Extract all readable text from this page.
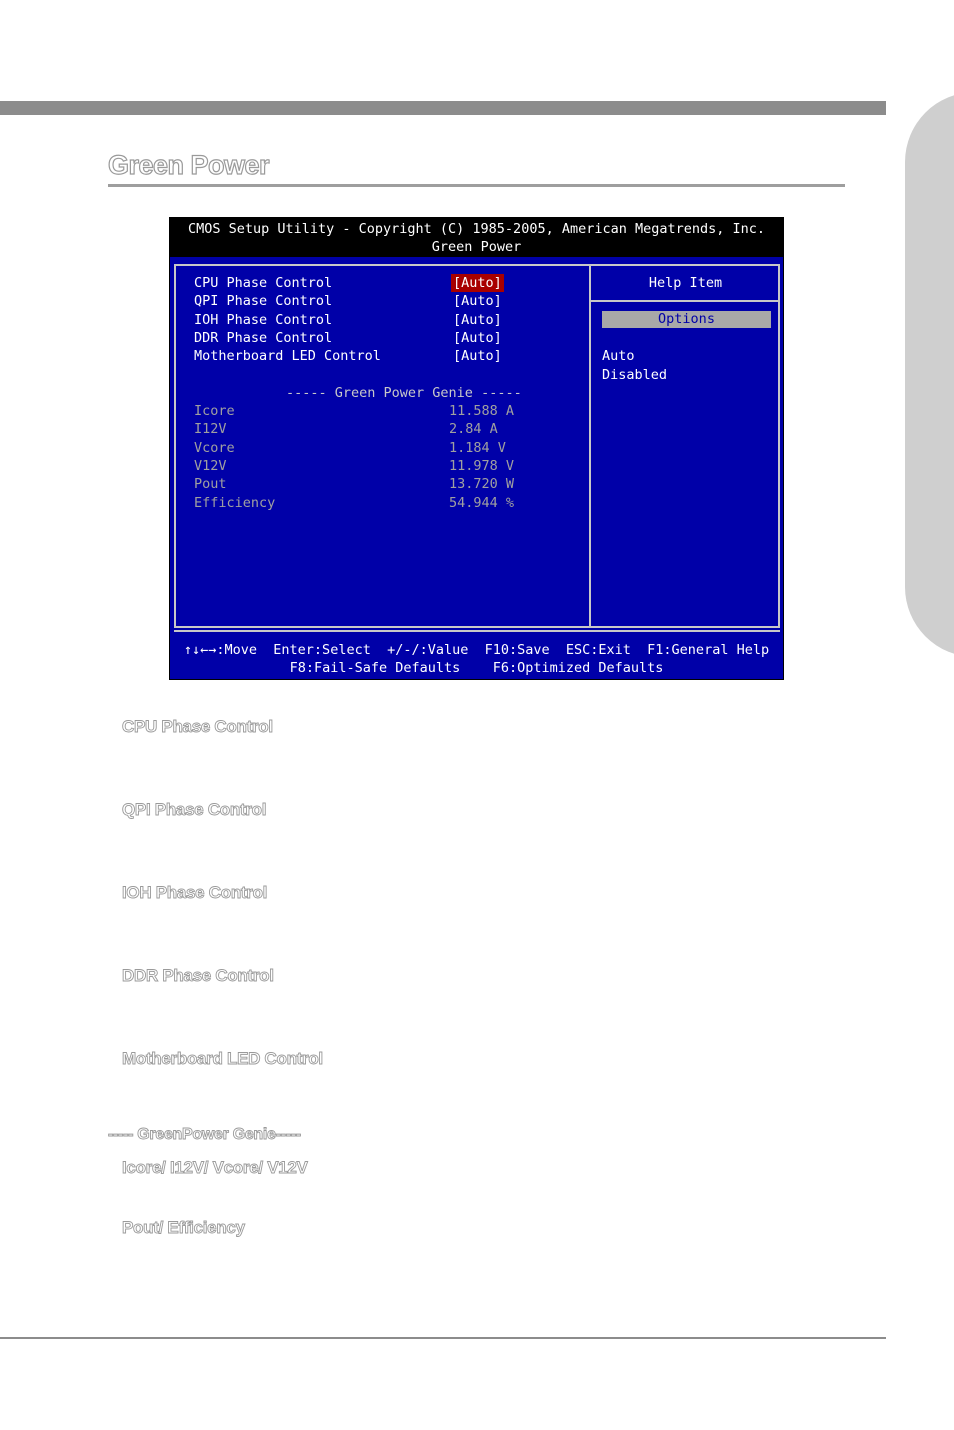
Green Power
CMOS Setup Utility - Copyright (C) 1985-2005, American Megatrends, Inc.
Green Power
CPU Phase Control	[Auto]
QPI Phase Control	[Auto]
IOH Phase Control	[Auto]
DDR Phase Control	[Auto]
Motherboard LED Control	[Auto]
----- Green Power Genie -----
Icore	11.588 A
I12V	2.84 A
Vcore	1.184 V
V12V	11.978 V
Pout	13.720 W
Efficiency	54.944 %
Help Item
Options
Auto
Disabled
↑↓←→:Move  Enter:Select  +/-/:Value  F10:Save  ESC:Exit  F1:General Help
F8:Fail-Safe Defaults    F6:Optimized Defaults
CPU Phase Control
QPI Phase Control
IOH Phase Control
DDR Phase Control
Motherboard LED Control
----- GreenPower Genie-----
Icore/ I12V/ Vcore/ V12V
Pout/ Efficiency
